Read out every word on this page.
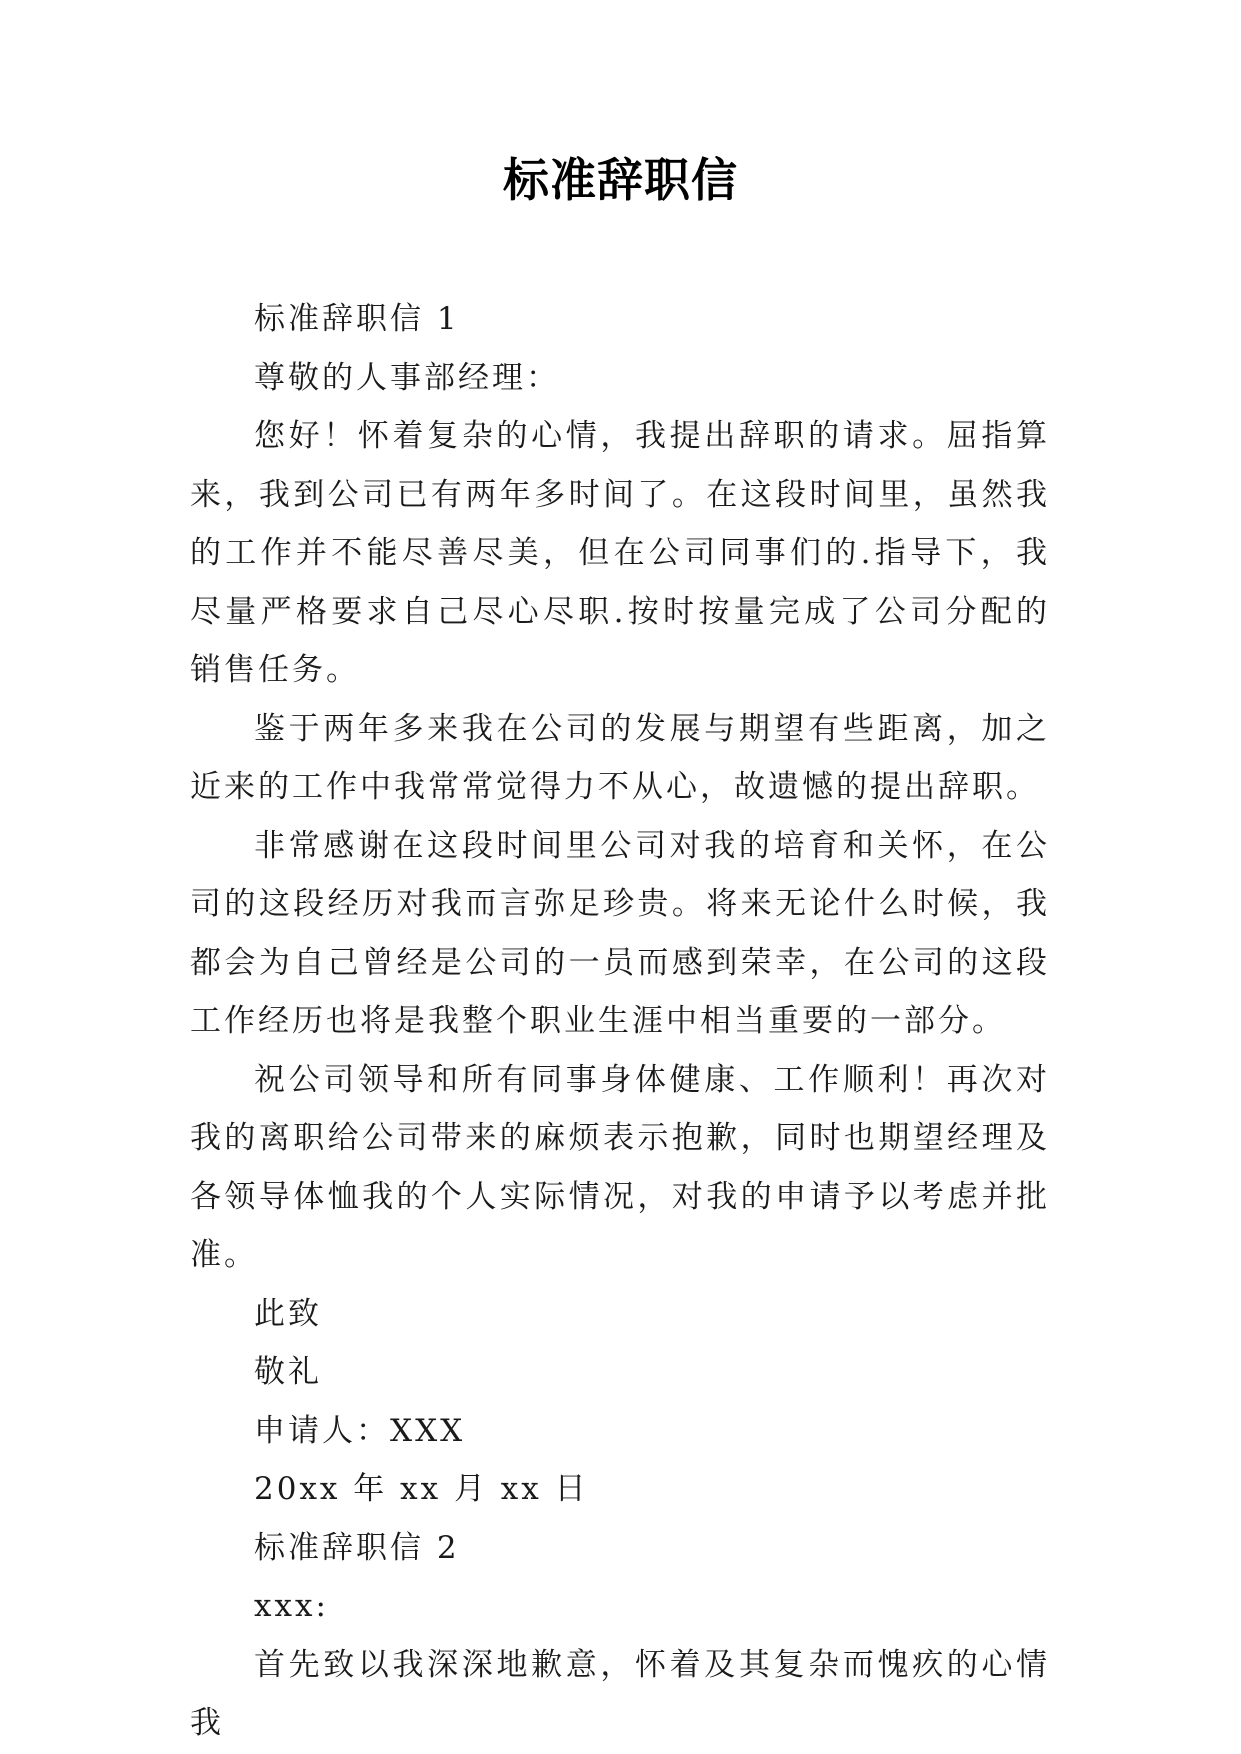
标准辞职信

标准辞职信 1

尊敬的人事部经理：

您好！怀着复杂的心情，我提出辞职的请求。屈指算来，我到公司已有两年多时间了。在这段时间里，虽然我的工作并不能尽善尽美，但在公司同事们的.指导下，我尽量严格要求自己尽心尽职.按时按量完成了公司分配的销售任务。

鉴于两年多来我在公司的发展与期望有些距离，加之近来的工作中我常常觉得力不从心，故遗憾的提出辞职。

非常感谢在这段时间里公司对我的培育和关怀，在公司的这段经历对我而言弥足珍贵。将来无论什么时候，我都会为自己曾经是公司的一员而感到荣幸，在公司的这段工作经历也将是我整个职业生涯中相当重要的一部分。

祝公司领导和所有同事身体健康、工作顺利！再次对我的离职给公司带来的麻烦表示抱歉，同时也期望经理及各领导体恤我的个人实际情况，对我的申请予以考虑并批准。

此致

敬礼

申请人：XXX

20xx 年 xx 月 xx 日

标准辞职信 2

xxx:

首先致以我深深地歉意，怀着及其复杂而愧疚的心情我
